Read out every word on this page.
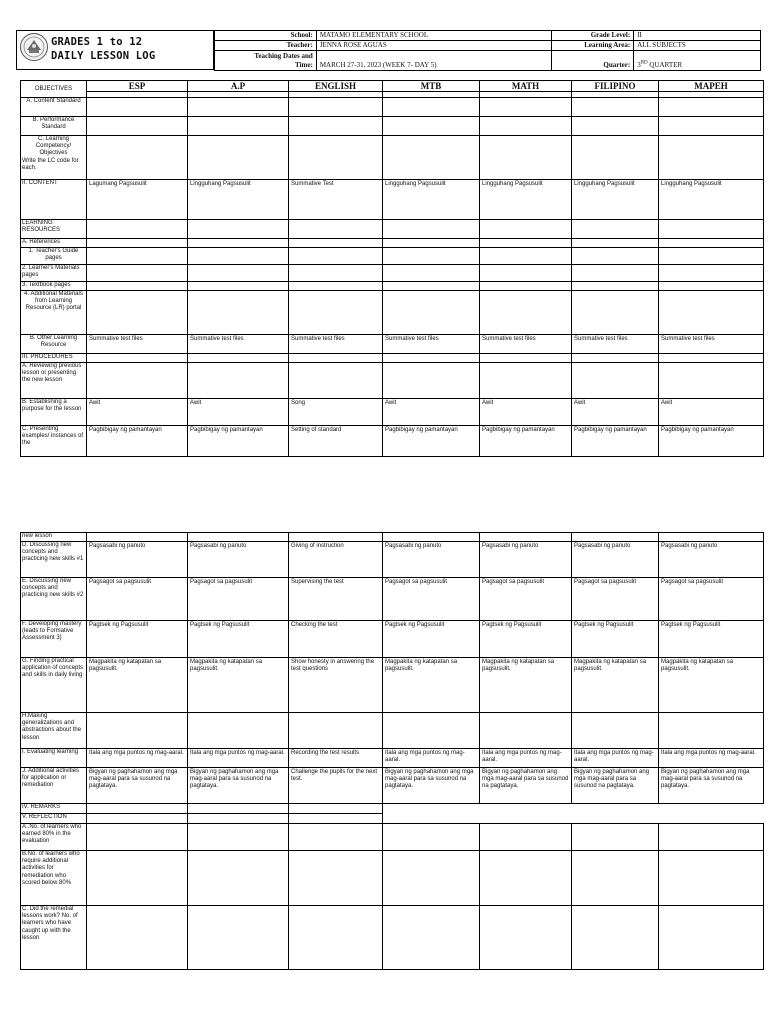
GRADES 1 to 12
DAILY LESSON LOG
School:	MATAMO ELEMENTARY SCHOOL	Grade Level:	II
Teacher:	JENNA ROSE AGUAS	Learning Area:	ALL SUBJECTS

Teaching Dates and
Time:	MARCH 27-31, 2023 (WEEK 7- DAY 5)	Quarter:	3RD QUARTER
OBJECTIVES	ESP	A.P	ENGLISH	MTB	MATH	FILIPINO	MAPEH

A. Content Standard							
B. Performance Standard							

C. Learning Competency/ Objectives
Write the LC code for each.							

II. CONTENT	Lagumang Pagsusulit	Lingguhang Pagsusulit	Summative Test	Lingguhang Pagsusulit	Lingguhang Pagsusulit	Lingguhang Pagsusulit	Lingguhang Pagsusulit
LEARNING RESOURCES							
A. References							
1. Teacher's Guide pages							
2. Learner's Materials pages							
3. Textbook pages							
4. Additional Materials from Learning Resource (LR) portal							
B. Other Learning Resource	Summative test files	Summative test files	Summative test files	Summative test files	Summative test files	Summative test files	Summative test files
III. PROCEDURES							
A. Reviewing previous lesson or presenting the new lesson							
B. Establishing a purpose for the lesson	Awit	Awit	Song	Awit	Awit	Awit	Awit
C. Presenting examples/ instances of the	Pagbibigay ng pamantayan	Pagbibigay ng pamantayan	Setting of standard	Pagbibigay ng pamantayan	Pagbibigay ng pamantayan	Pagbibigay ng pamantayan	Pagbibigay ng pamantayan
new lesson							
D. Discussing new concepts and practicing new skills #1	Pagsasabi ng panuto	Pagsasabi ng panuto	Giving of instruction	Pagsasabi ng panuto	Pagsasabi ng panuto	Pagsasabi ng panuto	Pagsasabi ng panuto
E. Discussing new concepts and practicing new skills #2	Pagsagot sa pagsusulit	Pagsagot sa pagsusulit	Supervising the test	Pagsagot sa pagsusulit	Pagsagot sa pagsusulit	Pagsagot sa pagsusulit	Pagsagot sa pagsusulit
F. Developing mastery (leads to Formative Assessment 3)	Pagtsek ng Pagsusulit	Pagtsek ng Pagsusulit	Checking the test	Pagtsek ng Pagsusulit	Pagtsek ng Pagsusulit	Pagtsek ng Pagsusulit	Pagtsek ng Pagsusulit
G. Finding practical application of concepts and skills in daily living	Magpakita ng katapatan sa pagsusulit.	Magpakita ng katapatan sa pagsusulit.	Show honesty in answering the test questions	Magpakita ng katapatan sa pagsusulit.	Magpakita ng katapatan sa pagsusulit.	Magpakita ng katapatan sa pagsusulit.	Magpakita ng katapatan sa pagsusulit.
H.Making generalizations and abstractions about the lesson							
I. Evaluating learning	Itala ang mga puntos ng mag-aaral.	Itala ang mga puntos ng mag-aaral.	Recording the test results	Itala ang mga puntos ng mag-aaral.	Itala ang mga puntos ng mag-aaral.	Itala ang mga puntos ng mag-aaral.	Itala ang mga puntos ng mag-aaral.
J. Additional activities for application or remediation	Bigyan ng paghahamon ang mga mag-aaral para sa susunod na pagtataya.	Bigyan ng paghahamon ang mga mag-aaral para sa susunod na pagtataya.	Challenge the pupils for the next test.	Bigyan ng paghahamon ang mga mag-aaral para sa susunod na pagtataya.	Bigyan ng paghahamon ang mga mag-aaral para sa susunod na pagtataya.	Bigyan ng paghahamon ang mga mag-aaral para sa susunod na pagtataya.	Bigyan ng paghahamon ang mga mag-aaral para sa susunod na pagtataya.
IV. REMARKS							
V. REFLECTION							
A..No. of learners who earned 80% in the evaluation							
B.No. of learners who require additional activities for remediation who scored below 80%							
C. Did the remedial lessons work? No. of learners who have caught up with the lesson							
